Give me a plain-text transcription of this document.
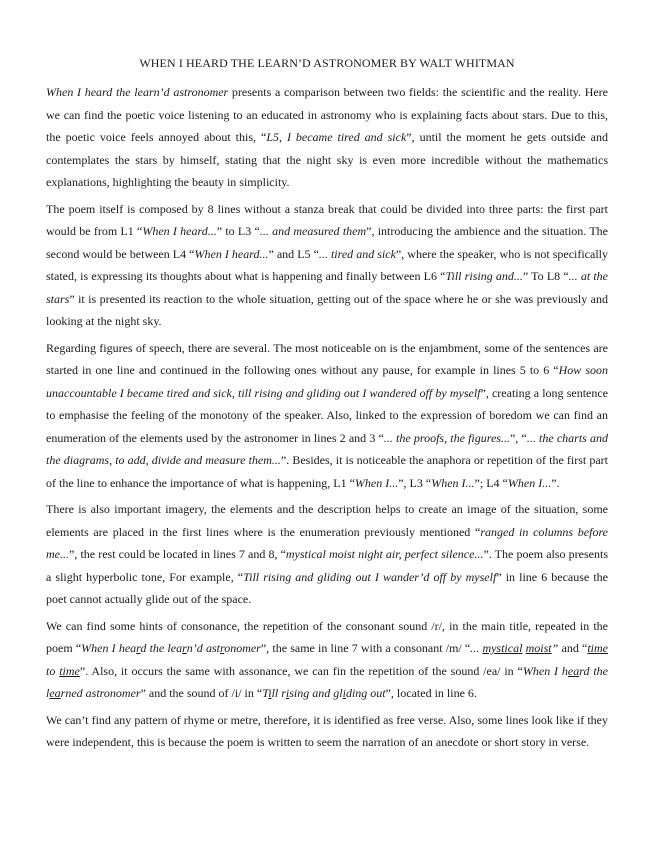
WHEN I HEARD THE LEARN’D ASTRONOMER BY WALT WHITMAN

When I heard the learn’d astronomer presents a comparison between two fields: the scientific and the reality. Here we can find the poetic voice listening to an educated in astronomy who is explaining facts about stars. Due to this, the poetic voice feels annoyed about this, “L5, I became tired and sick”, until the moment he gets outside and contemplates the stars by himself, stating that the night sky is even more incredible without the mathematics explanations, highlighting the beauty in simplicity.

The poem itself is composed by 8 lines without a stanza break that could be divided into three parts: the first part would be from L1 “When I heard...” to L3 “... and measured them”, introducing the ambience and the situation. The second would be between L4 “When I heard...” and L5 “... tired and sick”, where the speaker, who is not specifically stated, is expressing its thoughts about what is happening and finally between L6 “Till rising and...” To L8 “... at the stars” it is presented its reaction to the whole situation, getting out of the space where he or she was previously and looking at the night sky.

Regarding figures of speech, there are several. The most noticeable on is the enjambment, some of the sentences are started in one line and continued in the following ones without any pause, for example in lines 5 to 6 “How soon unaccountable I became tired and sick, till rising and gliding out I wandered off by myself”, creating a long sentence to emphasise the feeling of the monotony of the speaker. Also, linked to the expression of boredom we can find an enumeration of the elements used by the astronomer in lines 2 and 3 “... the proofs, the figures...”, “... the charts and the diagrams, to add, divide and measure them...”. Besides, it is noticeable the anaphora or repetition of the first part of the line to enhance the importance of what is happening, L1 “When I...”, L3 “When I...”; L4 “When I...”.

There is also important imagery, the elements and the description helps to create an image of the situation, some elements are placed in the first lines where is the enumeration previously mentioned “ranged in columns before me...”, the rest could be located in lines 7 and 8, “mystical moist night air, perfect silence...”. The poem also presents a slight hyperbolic tone, For example, “Till rising and gliding out I wander’d off by myself” in line 6 because the poet cannot actually glide out of the space.

We can find some hints of consonance, the repetition of the consonant sound /r/, in the main title, repeated in the poem “When I heard the learn’d astronomer”, the same in line 7 with a consonant /m/ “... mystical moist” and “time to time”. Also, it occurs the same with assonance, we can fin the repetition of the sound /ea/ in “When I heard the learned astronomer” and the sound of /i/ in “Till rising and gliding out”, located in line 6.

We can’t find any pattern of rhyme or metre, therefore, it is identified as free verse. Also, some lines look like if they were independent, this is because the poem is written to seem the narration of an anecdote or short story in verse.
